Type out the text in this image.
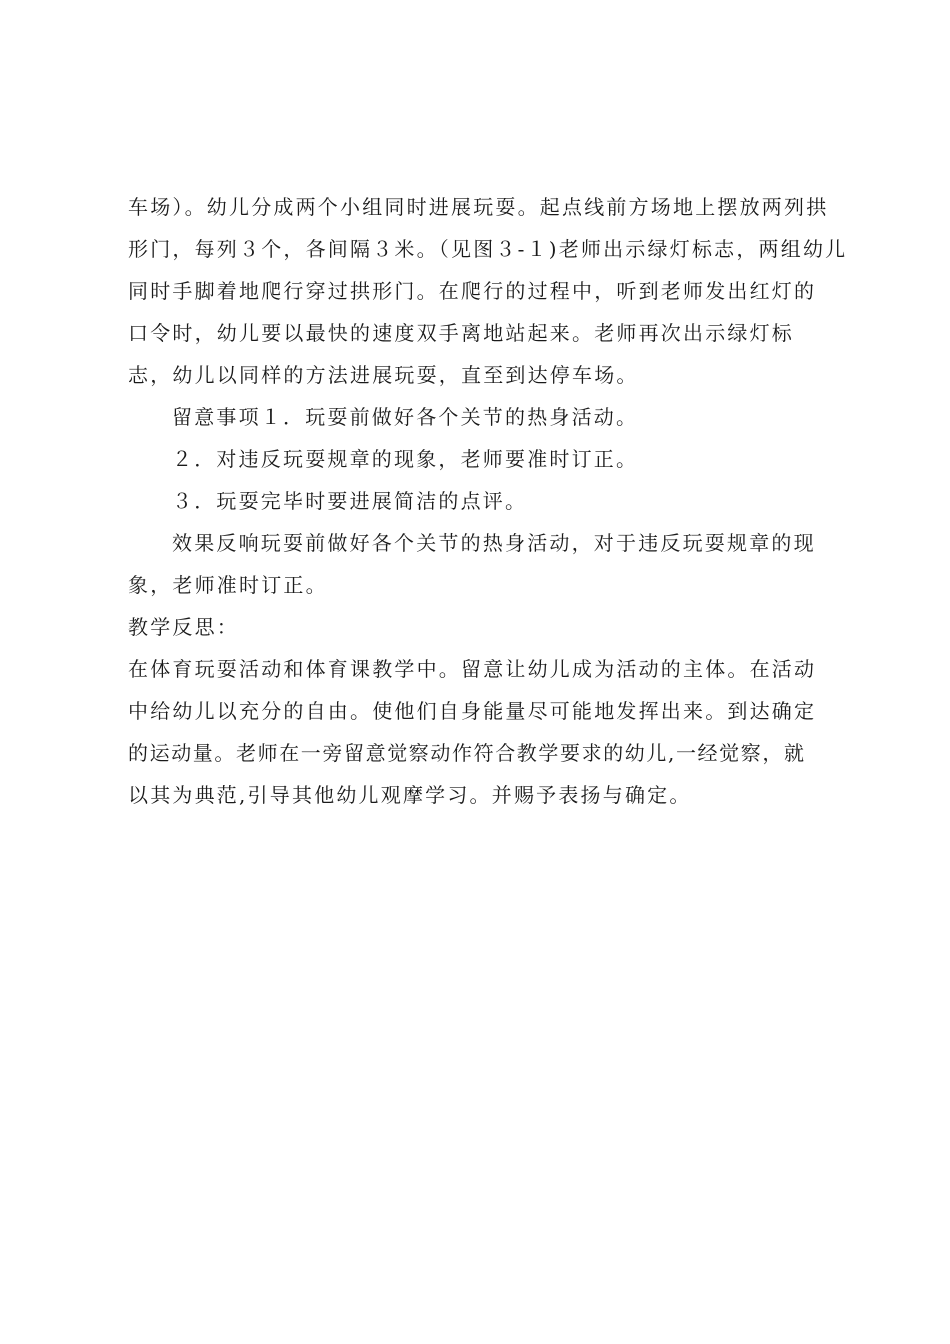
车场）。幼儿分成两个小组同时进展玩耍。起点线前方场地上摆放两列拱
形门，每列３个，各间隔３米。（见图３-１)老师出示绿灯标志，两组幼儿
同时手脚着地爬行穿过拱形门。在爬行的过程中，听到老师发出红灯的
口令时，幼儿要以最快的速度双手离地站起来。老师再次出示绿灯标
志，幼儿以同样的方法进展玩耍，直至到达停车场。
留意事项１．玩耍前做好各个关节的热身活动。
２．对违反玩耍规章的现象，老师要准时订正。
３．玩耍完毕时要进展简洁的点评。
效果反响玩耍前做好各个关节的热身活动，对于违反玩耍规章的现
象，老师准时订正。
教学反思：
在体育玩耍活动和体育课教学中。留意让幼儿成为活动的主体。在活动
中给幼儿以充分的自由。使他们自身能量尽可能地发挥出来。到达确定
的运动量。老师在一旁留意觉察动作符合教学要求的幼儿,一经觉察，就
以其为典范,引导其他幼儿观摩学习。并赐予表扬与确定。
